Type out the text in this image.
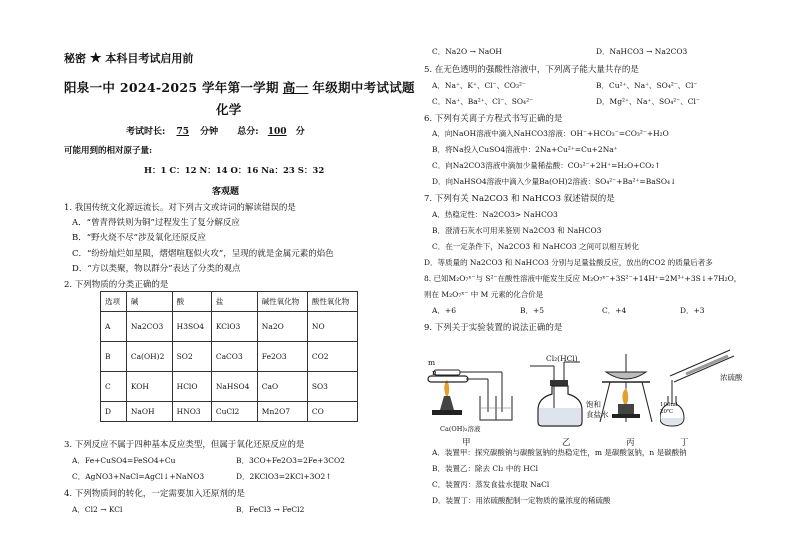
秘密 ★ 本科目考试启用前
阳泉一中 2024-2025 学年第一学期 高一 年级期中考试试题
化学
考试时长: 75 分钟 总分: 100 分
可能用到的相对原子量:
H：1 C：12 N：14 O：16 Na：23 S：32
客观题
1. 我国传统文化源远流长。对下列古文或诗词的解读错误的是
A．“曾青得铁则为铜”过程发生了复分解反应
B．“野火烧不尽”涉及氧化还原反应
C．“纷纷灿烂如星陨，熠熠喧豗似火攻”，呈现的就是金属元素的焰色
D．“方以类聚，物以群分”表达了分类的观点
2. 下列物质的分类正确的是
选项	碱	酸	盐	碱性氧化物	酸性氧化物
A	Na2CO3	H3SO4	KClO3	Na2O	NO
B	Ca(OH)2	SO2	CaCO3	Fe2O3	CO2
C	KOH	HClO	NaHSO4	CaO	SO3
D	NaOH	HNO3	CuCl2	Mn2O7	CO
3. 下列反应不属于四种基本反应类型，但属于氧化还原反应的是
A．Fe+CuSO4=FeSO4+Cu	B．3CO+Fe2O3=2Fe+3CO2
C．AgNO3+NaCl=AgCl↓+NaNO3	D．2KClO3=2KCl+3O2↑
4. 下列物质间的转化，一定需要加入还原剂的是
A．Cl2 → KCl	B．FeCl3 → FeCl2
C．Na2O → NaOH	D．NaHCO3 → Na2CO3
5. 在无色透明的强酸性溶液中，下列离子能大量共存的是
A．Na⁺、K⁺、Cl⁻、CO₃²⁻	B．Cu²⁺、Na⁺、SO₄²⁻、Cl⁻
C．Na⁺、Ba²⁺、Cl⁻、SO₄²⁻	D．Mg²⁺、Na⁺、SO₄²⁻、Cl⁻
6. 下列有关离子方程式书写正确的是
A．向NaOH溶液中滴入NaHCO3溶液：OH⁻+HCO₃⁻=CO₃²⁻+H₂O
B．将Na投入CuSO4溶液中：2Na+Cu²⁺=Cu+2Na⁺
C．向Na2CO3溶液中滴加少量稀盐酸：CO₃²⁻+2H⁺=H₂O+CO₂↑
D．向NaHSO4溶液中滴入少量Ba(OH)2溶液：SO₄²⁻+Ba²⁺=BaSO₄↓
7. 下列有关 Na2CO3 和 NaHCO3 叙述错误的是
A．热稳定性：Na2CO3> NaHCO3
B．澄清石灰水可用来鉴别 Na2CO3 和 NaHCO3
C．在一定条件下，Na2CO3 和 NaHCO3 之间可以相互转化
D．等质量的 Na2CO3 和 NaHCO3 分别与足量盐酸反应，放出的CO2 的质量后者多
8. 已知M₂O₇ˣ⁻与 S²⁻在酸性溶液中能发生反应 M₂O₇ˣ⁻+3S²⁻+14H⁺=2M³⁺+3S↓+7H₂O，
则在 M₂O₇ˣ⁻ 中 M 元素的化合价是
A．+6	B．+5	C．+4	D．+3
9. 下列关于实验装置的说法正确的是
m
n
Ca(OH)₂溶液
甲
Cl₂(HCl)
饱和
食盐水
乙	丙
浓硫酸
100ml
20℃
丁
A．装置甲：探究碳酸钠与碳酸氢钠的热稳定性，m 是碳酸氢钠，n 是碳酸钠
B．装置乙：除去 Cl₂ 中的 HCl
C．装置丙：蒸发食盐水提取 NaCl
D．装置丁：用浓硫酸配制一定物质的量浓度的稀硫酸
